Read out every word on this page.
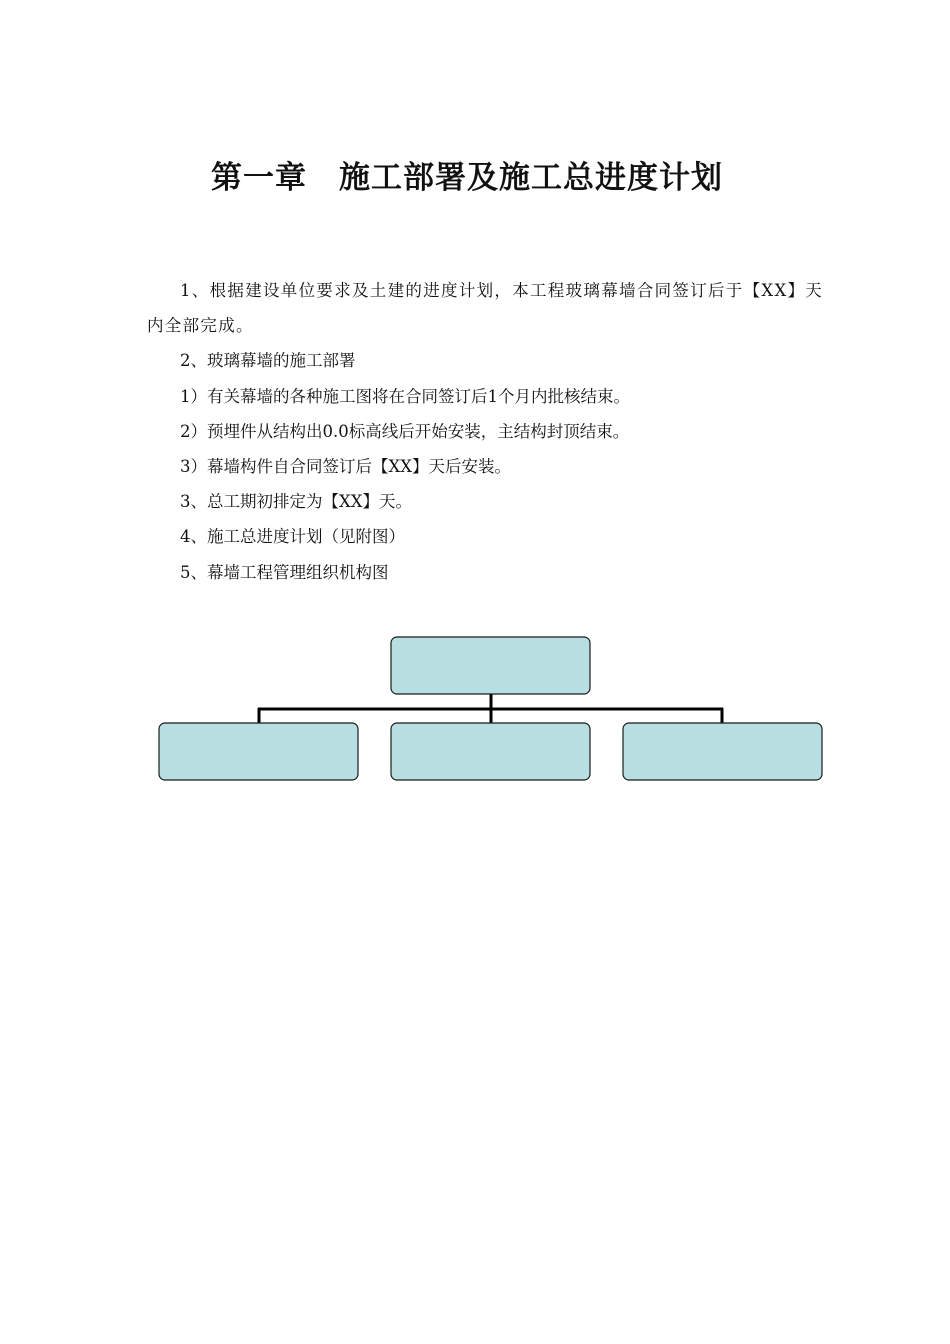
第一章　施工部署及施工总进度计划

1、根据建设单位要求及土建的进度计划，本工程玻璃幕墙合同签订后于【XX】天内全部完成。

2、玻璃幕墙的施工部署

1）有关幕墙的各种施工图将在合同签订后1个月内批核结束。

2）预埋件从结构出0.0标高线后开始安装，主结构封顶结束。

3）幕墙构件自合同签订后【XX】天后安装。

3、总工期初排定为【XX】天。

4、施工总进度计划（见附图）

5、幕墙工程管理组织机构图
